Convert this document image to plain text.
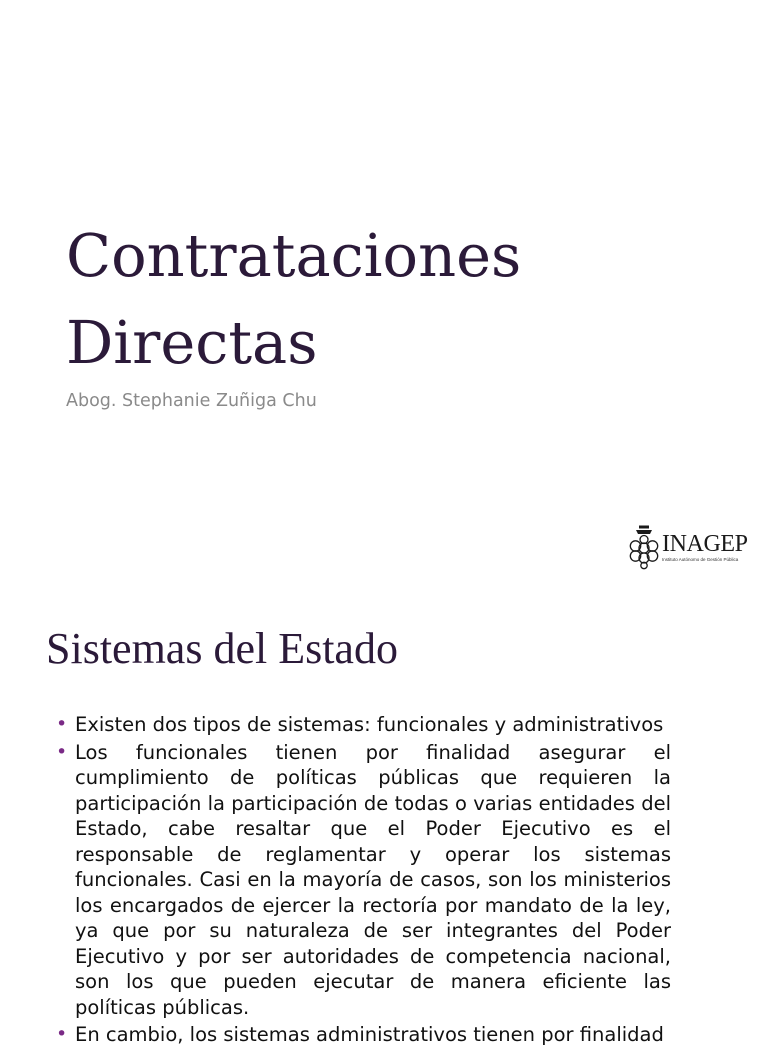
Contrataciones Directas

Abog. Stephanie Zuñiga Chu

INAGEP
Instituto Autónomo de Gestión Pública
Sistemas del Estado
• Existen dos tipos de sistemas: funcionales y administrativos
• Los funcionales tienen por finalidad asegurar el cumplimiento de políticas públicas que requieren la participación la participación de todas o varias entidades del Estado, cabe resaltar que el Poder Ejecutivo es el responsable de reglamentar y operar los sistemas funcionales. Casi en la mayoría de casos, son los ministerios los encargados de ejercer la rectoría por mandato de la ley, ya que por su naturaleza de ser integrantes del Poder Ejecutivo y por ser autoridades de competencia nacional, son los que pueden ejecutar de manera eficiente las políticas públicas.
• En cambio, los sistemas administrativos tienen por finalidad
